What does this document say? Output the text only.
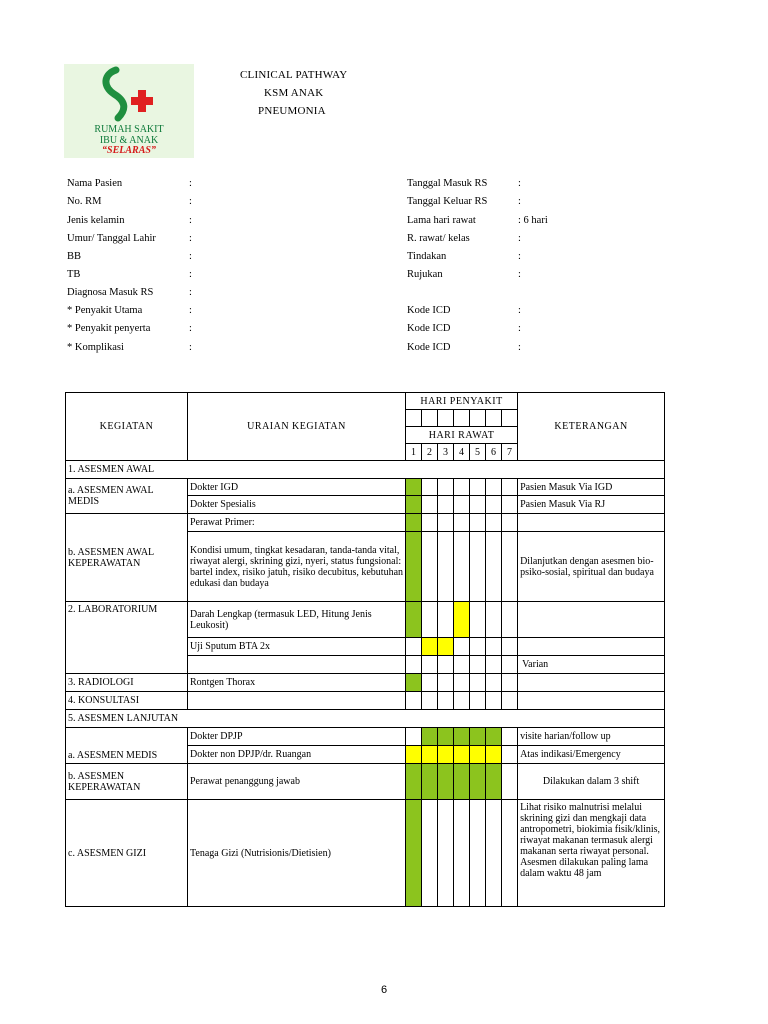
RUMAH SAKIT
IBU & ANAK
“SELARAS”
CLINICAL PATHWAY
KSM ANAK
PNEUMONIA
Nama Pasien	:
No. RM	:
Jenis kelamin	:
Umur/ Tanggal Lahir	:
BB	:
TB	:
Diagnosa Masuk RS	:
* Penyakit Utama	:
* Penyakit penyerta	:
* Komplikasi	:
Tanggal Masuk RS	:
Tanggal Keluar RS	:
Lama hari rawat	: 6 hari
R. rawat/ kelas	:
Tindakan	:
Rujukan	:
Kode ICD	:
Kode ICD	:
Kode ICD	:
KEGIATAN	URAIAN KEGIATAN	HARI PENYAKIT							KETERANGAN

		HARI RAWAT							
		1	2	3	4	5	6	7	
1. ASESMEN AWAL									
a. ASESMEN AWAL MEDIS	Dokter IGD								Pasien Masuk Via IGD
	Dokter Spesialis								Pasien Masuk Via RJ
b. ASESMEN AWAL KEPERAWATAN	Perawat Primer:								
	Kondisi umum, tingkat kesadaran, tanda-tanda vital, riwayat alergi, skrining gizi, nyeri, status fungsional: bartel index, risiko jatuh, risiko decubitus, kebutuhan edukasi dan budaya								Dilanjutkan dengan asesmen bio-psiko-sosial, spiritual dan budaya
2. LABORATORIUM	Darah Lengkap (termasuk LED, Hitung Jenis Leukosit)								
	Uji Sputum BTA 2x								
									Varian
3. RADIOLOGI	Rontgen Thorax								
4. KONSULTASI									
5. ASESMEN LANJUTAN									
a. ASESMEN MEDIS	Dokter DPJP								visite harian/follow up
	Dokter non DPJP/dr. Ruangan								Atas indikasi/Emergency
b. ASESMEN KEPERAWATAN	Perawat penanggung jawab								Dilakukan dalam 3 shift
c. ASESMEN GIZI	Tenaga Gizi (Nutrisionis/Dietisien)								Lihat risiko malnutrisi melalui skrining gizi dan mengkaji data antropometri, biokimia fisik/klinis, riwayat makanan termasuk alergi makanan serta riwayat personal. Asesmen dilakukan paling lama dalam waktu 48 jam
6
